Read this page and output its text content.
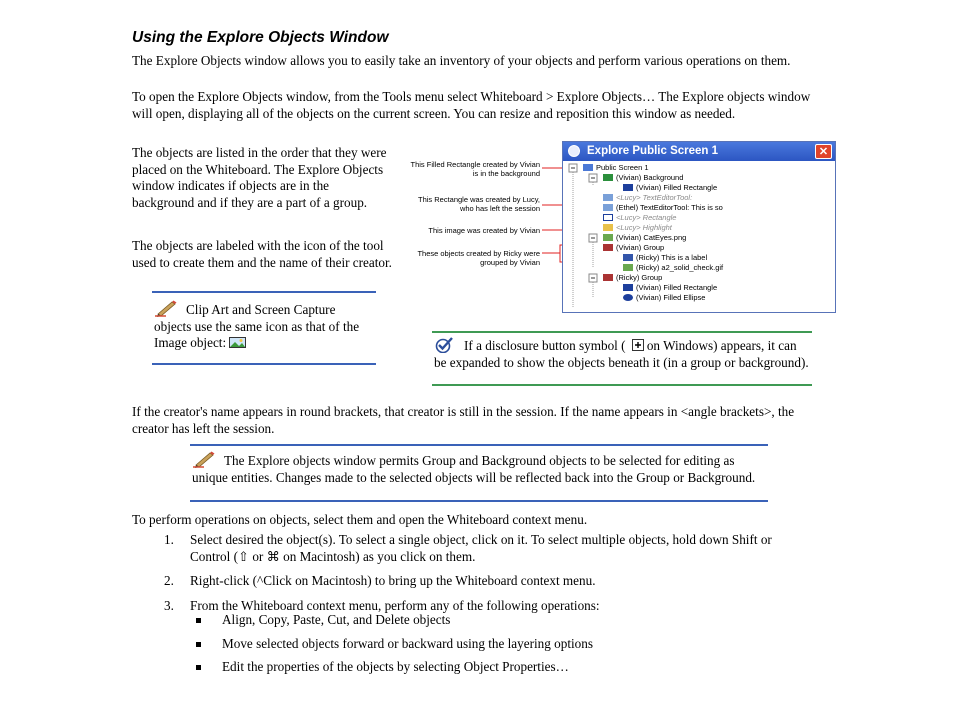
Using the Explore Objects Window
The Explore Objects window allows you to easily take an inventory of your objects and perform various operations on them.
To open the Explore Objects window, from the Tools menu select Whiteboard > Explore Objects… The Explore objects window will open, displaying all of the objects on the current screen. You can resize and reposition this window as needed.
The objects are listed in the order that they were placed on the Whiteboard. The Explore Objects window indicates if objects are in the background and if they are a part of a group.
The objects are labeled with the icon of the tool used to create them and the name of their creator.
Clip Art and Screen Capture objects use the same icon as that of the Image object:
This Filled Rectangle created by Vivian is in the background
This Rectangle was created by Lucy, who has left the session
This image was created by Vivian
These objects created by Ricky were grouped by Vivian
Explore Public Screen 1	✕
Public Screen 1
(Vivian) Background
(Vivian) Filled Rectangle
<Lucy> TextEditorTool:
(Ethel) TextEditorTool: This is so
<Lucy> Rectangle
<Lucy> Highlight
(Vivian) CatEyes.png
(Vivian) Group
(Ricky) This is a label
(Ricky) a2_solid_check.gif
(Ricky) Group
(Vivian) Filled Rectangle
(Vivian) Filled Ellipse
If a disclosure button symbol ( on Windows) appears, it can be expanded to show the objects beneath it (in a group or background).
If the creator's name appears in round brackets, that creator is still in the session. If the name appears in <angle brackets>, the creator has left the session.
The Explore objects window permits Group and Background objects to be selected for editing as unique entities. Changes made to the selected objects will be reflected back into the Group or Background.
To perform operations on objects, select them and open the Whiteboard context menu.
1. Select desired the object(s). To select a single object, click on it. To select multiple objects, hold down Shift or Control (⇧ or ⌘ on Macintosh) as you click on them.
2. Right-click (^Click on Macintosh) to bring up the Whiteboard context menu.
3. From the Whiteboard context menu, perform any of the following operations:
Align, Copy, Paste, Cut, and Delete objects
Move selected objects forward or backward using the layering options
Edit the properties of the objects by selecting Object Properties…
